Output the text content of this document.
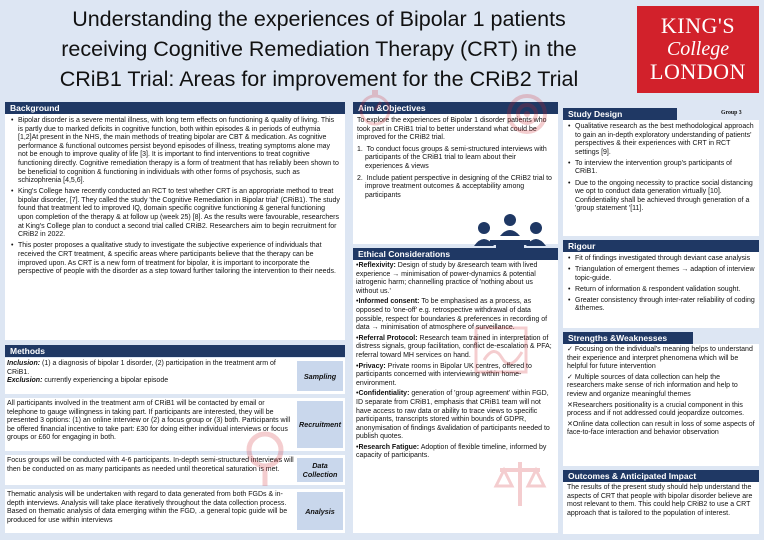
Understanding the experiences of Bipolar 1 patients
receiving Cognitive Remediation Therapy (CRT) in the
CRiB1 Trial: Areas for improvement for the CRiB2 Trial
KING'S
College
LONDON
Background
• Bipolar disorder is a severe mental illness, with long term effects on functioning & quality of living. This is partly due to marked deficits in cognitive function, both within episodes & in periods of euthymia [1,2]At present in the NHS, the main methods of treating bipolar are CBT & medication. As cognitive performance & functional outcomes persist beyond episodes of illness, treating symptoms alone may not be enough to improve quality of life [3]. It is important to find interventions to treat cognitive functioning directly. Cognitive remediation therapy is a form of treatment that has reliably been shown to be beneficial to cognition & functioning in individuals with other forms of psychosis, such as schizophrenia [4,5,6].
• King's College have recently conducted an RCT to test whether CRT is an appropriate method to treat bipolar disorder, [7]. They called the study 'the Cognitive Remediation in Bipolar trial' (CRiB1). The study found that treatment led to improved IQ, domain specific cognitive functioning & general functioning upon completion of the therapy & at follow up (week 25) [8]. As the results were favourable, researchers at King's College plan to conduct a second trial called CRiB2. Researchers aim to begin recruitment for CRiB2 in 2022.
• This poster proposes a qualitative study to investigate the subjective experience of individuals that received the CRT treatment, & specific areas where participants believe that the therapy can be improved upon. As CRT is a new form of treatment for bipolar, it is important to incorporate the perspective of people with the disorder as a step toward further tailoring the intervention to their needs.
Methods

Inclusion: (1) a diagnosis of bipolar 1 disorder, (2) participation in the treatment arm of CRiB1.

Exclusion: currently experiencing a bipolar episode

Sampling
All participants involved in the treatment arm of CRiB1 will be contacted by email or telephone to gauge willingness in taking part. If participants are interested, they will be presented 3 options: (1) an online interview or (2) a focus group or (3) both. Participants will be offered financial incentive to take part: £30 for doing either individual interviews or focus groups or £60 for engaging in both.
Recruitment
Focus groups will be conducted with 4-6 participants. In-depth semi-structured interviews will then be conducted on as many participants as needed until theoretical saturation is met.	Data Collection
Thematic analysis will be undertaken with regard to data generated from both FGDs & in-depth interviews. Analysis will take place iteratively throughout the data collection process. Based on thematic analysis of data emerging within the FGD, .a general topic guide will be produced for use within interviews
Analysis
Aim &Objectives

To explore the experiences of Bipolar 1 disorder patients who took part in CRiB1 trial to better understand what could be improved for the CRiB2 trial.

1.  To conduct focus groups & semi-structured interviews with participants of the CRiB1 trial to learn about their experiences & views

2.  Include patient perspective in designing of the CRiB2 trial to improve treatment outcomes & acceptability among participants

Ethical Considerations

•Reflexivity: Design of study by &research team with lived experience → minimisation of power-dynamics & potential iatrogenic harm; channelling practice of 'nothing about us without us.'

•Informed consent: To be emphasised as a process, as opposed to 'one-off' e.g. retrospective withdrawal of data possible, respect for boundaries & preferences in recording of data → minimisation of atmosphere of surveillance.

•Referral Protocol: Research team trained in interpretation of distress signals, group facilitation, conflict de-escalation & PFA; referral toward MH services on hand.

•Privacy: Private rooms in Bipolar UK centres, offered to participants concerned with interviewing within home-environment.

•Confidentiality: generation of 'group agreement' within FGD, ID separate from CRiB1, emphasis that CRiB1 team will not have access to raw data or ability to trace views to specific participants, transcripts stored within bounds of GDPR, anonymisation of findings &validation of participants needed to publish quotes.

•Research Fatigue: Adoption of flexible timeline, informed by capacity of participants.

Study Design	Group 3
• Qualitative research as the best methodological approach to gain an in-depth exploratory understanding of patients' perspectives & their experiences with CRT in RCT settings [9].
• To interview the intervention group's participants of CRiB1.
• Due to the ongoing necessity to practice social distancing we opt to conduct data generation virtually [10]. Confidentiality shall be achieved through generation of a 'group statement '[11].
Rigour
• Fit of findings investigated through deviant case analysis
• Triangulation of emergent themes → adaption of interview topic-guide.
• Return of information & respondent validation sought.
• Greater consistency through inter-rater reliability of coding &themes.
Strengths &Weaknesses

✓ Focusing on the individual's meaning helps to understand their experience and interpret phenomena which will be helpful for future intervention

✓ Multiple sources of data collection can help the researchers make sense of rich information and help to review and organize meaningful themes

✕Researchers positionality is a crucial component in this process and if not addressed could jeopardize outcomes.

✕Online data collection can result in loss of some aspects of face-to-face interaction and behavior observation

Outcomes & Anticipated Impact

The results of the present study should help understand the aspects of CRT that people with bipolar disorder believe are most relevant to them. This could help CRiB2 to use a CRT approach that is tailored to the population of interest.
